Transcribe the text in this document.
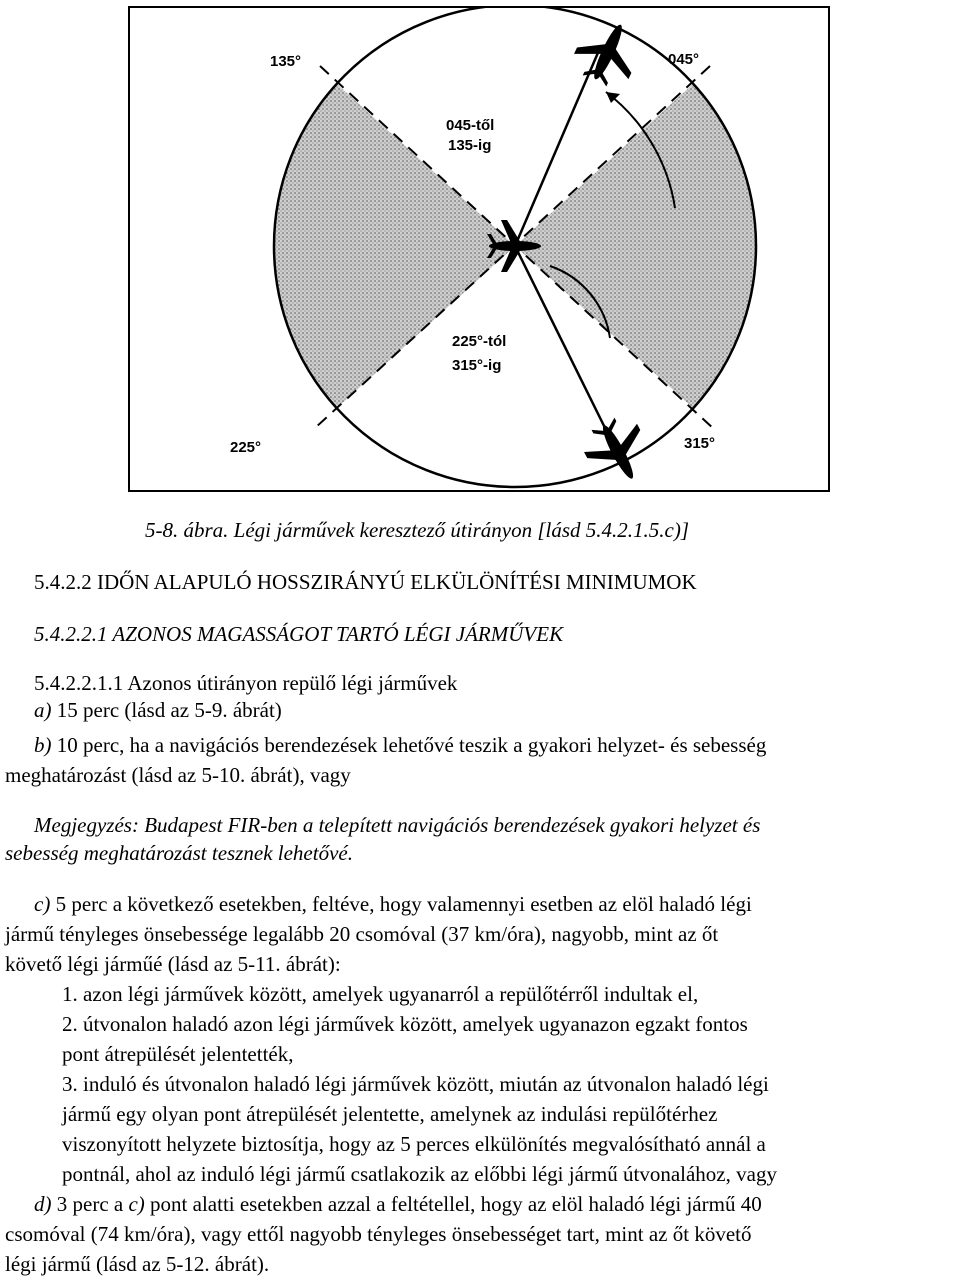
135°	045°
225°	315°
045-től
135-ig
225°-tól
315°-ig
5-8. ábra. Légi járművek keresztező útirányon [lásd 5.4.2.1.5.c)]
5.4.2.2 IDŐN ALAPULÓ HOSSZIRÁNYÚ ELKÜLÖNÍTÉSI MINIMUMOK
5.4.2.2.1 AZONOS MAGASSÁGOT TARTÓ LÉGI JÁRMŰVEK
5.4.2.2.1.1 Azonos útirányon repülő légi járművek
a) 15 perc (lásd az 5-9. ábrát)
b) 10 perc, ha a navigációs berendezések lehetővé teszik a gyakori helyzet- és sebesség
meghatározást (lásd az 5-10. ábrát), vagy
Megjegyzés: Budapest FIR-ben a telepített navigációs berendezések gyakori helyzet és
sebesség meghatározást tesznek lehetővé.
c) 5 perc a következő esetekben, feltéve, hogy valamennyi esetben az elöl haladó légi
jármű tényleges önsebessége legalább 20 csomóval (37 km/óra), nagyobb, mint az őt
követő légi járműé (lásd az 5-11. ábrát):
1. azon légi járművek között, amelyek ugyanarról a repülőtérről indultak el,
2. útvonalon haladó azon légi járművek között, amelyek ugyanazon egzakt fontos
pont átrepülését jelentették,
3. induló és útvonalon haladó légi járművek között, miután az útvonalon haladó légi
jármű egy olyan pont átrepülését jelentette, amelynek az indulási repülőtérhez
viszonyított helyzete biztosítja, hogy az 5 perces elkülönítés megvalósítható annál a
pontnál, ahol az induló légi jármű csatlakozik az előbbi légi jármű útvonalához, vagy
d) 3 perc a c) pont alatti esetekben azzal a feltétellel, hogy az elöl haladó légi jármű 40
csomóval (74 km/óra), vagy ettől nagyobb tényleges önsebességet tart, mint az őt követő
légi jármű (lásd az 5-12. ábrát).
